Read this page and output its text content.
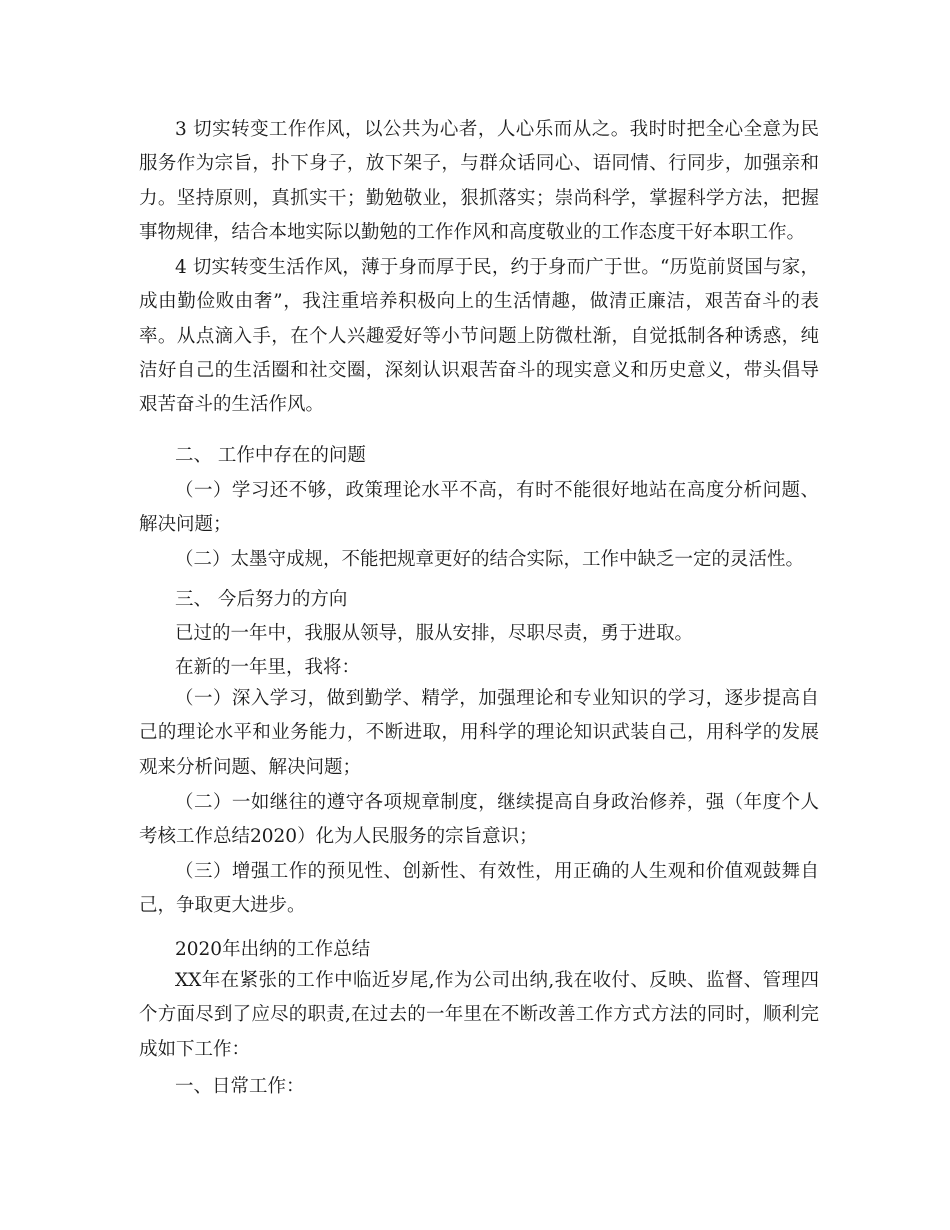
3 切实转变工作作风，以公共为心者，人心乐而从之。我时时把全心全意为民服务作为宗旨，扑下身子，放下架子，与群众话同心、语同情、行同步，加强亲和力。坚持原则，真抓实干；勤勉敬业，狠抓落实；崇尚科学，掌握科学方法，把握事物规律，结合本地实际以勤勉的工作作风和高度敬业的工作态度干好本职工作。

4 切实转变生活作风，薄于身而厚于民，约于身而广于世。“历览前贤国与家，成由勤俭败由奢”，我注重培养积极向上的生活情趣，做清正廉洁，艰苦奋斗的表率。从点滴入手，在个人兴趣爱好等小节问题上防微杜渐，自觉抵制各种诱惑，纯洁好自己的生活圈和社交圈，深刻认识艰苦奋斗的现实意义和历史意义，带头倡导艰苦奋斗的生活作风。

二、 工作中存在的问题

（一）学习还不够，政策理论水平不高，有时不能很好地站在高度分析问题、解决问题；

（二）太墨守成规，不能把规章更好的结合实际，工作中缺乏一定的灵活性。

三、 今后努力的方向

已过的一年中，我服从领导，服从安排，尽职尽责，勇于进取。

在新的一年里，我将：

（一）深入学习，做到勤学、精学，加强理论和专业知识的学习，逐步提高自己的理论水平和业务能力，不断进取，用科学的理论知识武装自己，用科学的发展观来分析问题、解决问题；

（二）一如继往的遵守各项规章制度，继续提高自身政治修养，强（年度个人考核工作总结2020）化为人民服务的宗旨意识；

（三）增强工作的预见性、创新性、有效性，用正确的人生观和价值观鼓舞自己，争取更大进步。

2020年出纳的工作总结

XX年在紧张的工作中临近岁尾,作为公司出纳,我在收付、反映、监督、管理四个方面尽到了应尽的职责,在过去的一年里在不断改善工作方式方法的同时，顺利完成如下工作：

一、日常工作：
